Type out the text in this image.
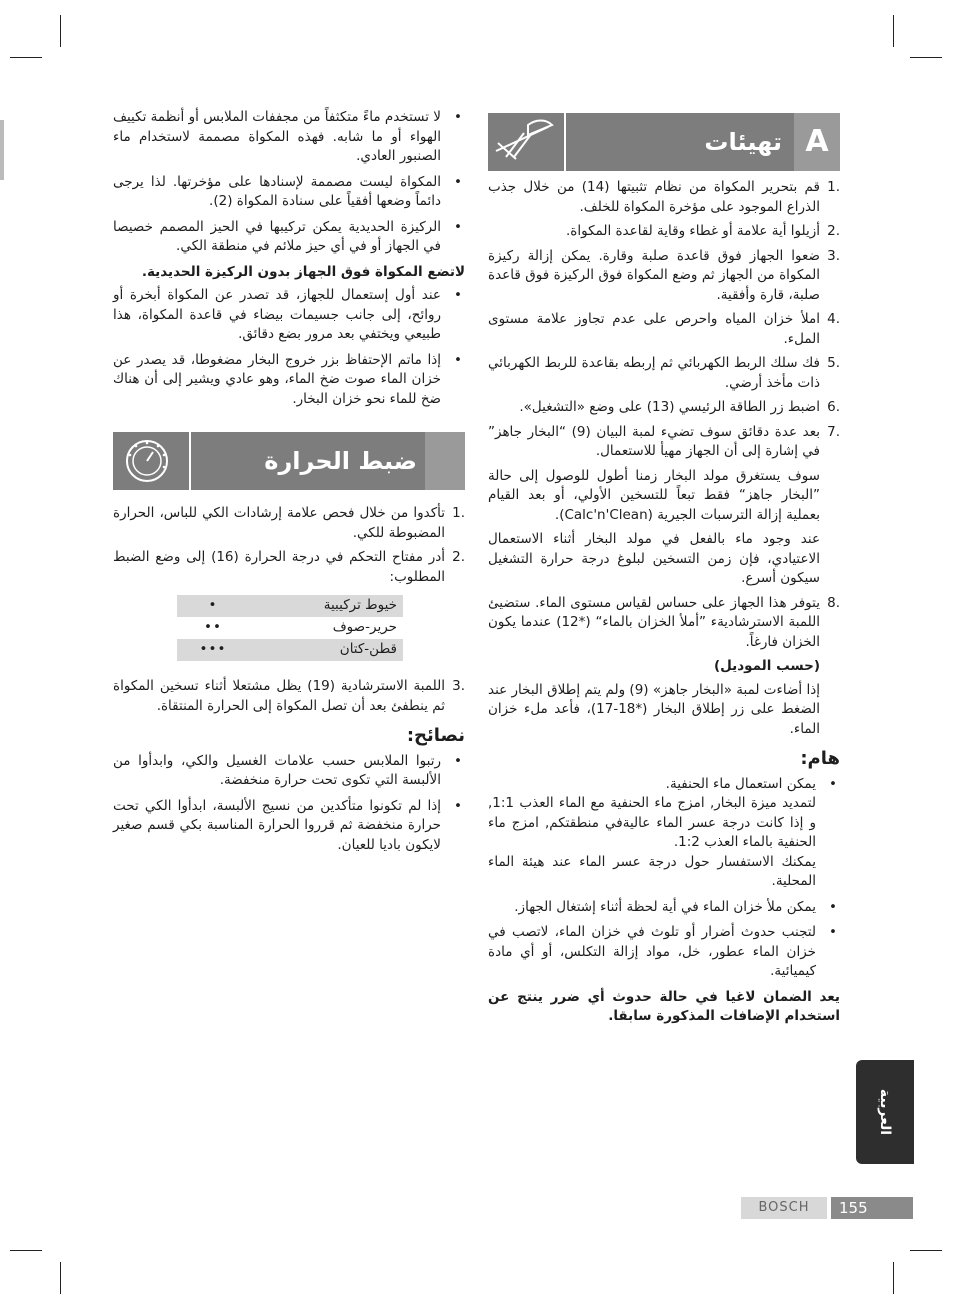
تهيئات A
1.
قم بتحرير المكواة من نظام تثبيتها (14) من خلال جذب الذراع الموجود على مؤخرة المكواة للخلف.
2.
أزيلوا أية علامة أو غطاء وقاية لقاعدة المكواة.
3.
ضعوا الجهاز فوق قاعدة صلبة وقارة. يمكن إزالة ركيزة المكواة من الجهاز ثم وضع المكواة فوق الركيزة فوق قاعدة صلبة، قارة وأفقية.
4.
املأ خزان المياه واحرص على عدم تجاوز علامة مستوى الملء.
5.
فك سلك الربط الكهربائي ثم إربطه بقاعدة للربط الكهربائي ذات مأخذ أرضي.
6.
اضبط زر الطاقة الرئيسي (13) على وضع «التشغيل».
7.
بعد عدة دقائق سوف تضيء لمبة البيان (9) “البخار جاهز” في إشارة إلى أن الجهاز مهيأ للاستعمال.
سوف يستغرق مولد البخار زمنا أطول للوصول إلى حالة ”البخار جاهز“ فقط تبعاً للتسخين الأولي، أو بعد القيام بعملية إزالة الترسبات الجيرية (Calc'n'Clean).
عند وجود ماء بالفعل في مولد البخار أثناء الاستعمال الاعتيادي، فإن زمن التسخين لبلوغ درجة حرارة التشغيل سيكون أسرع.
8.
يتوفر هذا الجهاز على حساس لقياس مستوى الماء. ستضيئ اللمبة الاسترشاديةء ”أملأ الخزان بالماء“ (*12) عندما يكون الخزان فارغاً.
(حسب الموديل)
إذا أضاءت لمبة «البخار جاهز» (9) ولم يتم إطلاق البخار عند الضغط على زر إطلاق البخار (*18-17)، فأعد ملء خزان الماء.
هام:
• يمكن استعمال ماء الحنفية.
لتمديد ميزة البخار, امزج ماء الحنفية مع الماء العذب 1:1, و إذا كانت درجة عسر الماء عاليةفي منطقتكم, امزج ماء الحنفية بالماء العذب 1:2.
يمكنك الاستفسار حول درجة عسر الماء عند هيئة الماء المحلية.
• يمكن ملأ خزان الماء في أية لحظة أثناء إشتغال الجهاز.
• لتجنب حدوث أضرار أو تلوث في خزان الماء، لاتصب في خزان الماء عطور، خل، مواد إزالة التكلس، أو أي مادة كيميائية.
يعد الضمان لاغيا في حالة حدوث أي ضرر ينتج عن استخدام الإضافات المذكورة سابقا.
• لا تستخدم ماءً متكثفاً من مجففات الملابس أو أنظمة تكييف الهواء أو ما شابه. فهذه المكواة مصممة لاستخدام ماء الصنبور العادي.
• المكواة ليست مصممة لإسنادها على مؤخرتها. لذا يرجى دائماً وضعها أفقياً على سنادة المكواة (2).
• الركيزة الحديدية يمكن تركيبها في الحيز المصمم خصيصا في الجهاز أو في أي حيز ملائم في منطقة الكي.
لاتضع المكواة فوق الجهاز بدون الركيزة الحديدية.
• عند أول إستعمال للجهاز، قد تصدر عن المكواة أبخرة أو روائح، إلى جانب جسيمات بيضاء في قاعدة المكواة، هذا طبيعي ويختفي بعد مرور بضع دقائق.
• إذا ماتم الإحتفاظ بزر خروج البخار مضغوطا، قد يصدر عن خزان الماء صوت ضخ الماء، وهو عادي ويشير إلى أن هناك ضخ للماء نحو خزان البخار.
ضبط الحرارة
1.
تأكدوا من خلال فحص علامة إرشادات الكي للباس، الحرارة المضبوطة للكي.
2.
أدر مفتاح التحكم في درجة الحرارة (16) إلى وضع الضبط المطلوب:
خيوط تركيبية	•
حرير-صوف	••
قطن-كتان	•••
3.
اللمبة الاسترشادية (19) يظل مشتعلا أثناء تسخين المكواة ثم ينطفئ بعد أن تصل المكواة إلى الحرارة المنتقاة.
نصائح:
• رتبوا الملابس حسب علامات الغسيل والكي، وابدأوا من الألبسة التي تكوى تحت حرارة منخفضة.
• إذا لم تكونوا متأكدين من نسيج الألبسة، ابدأوا الكي تحت حرارة منخفضة ثم قرروا الحرارة المناسبة بكي قسم صغير لايكون باديا للعيان.
العربية
BOSCH	155
